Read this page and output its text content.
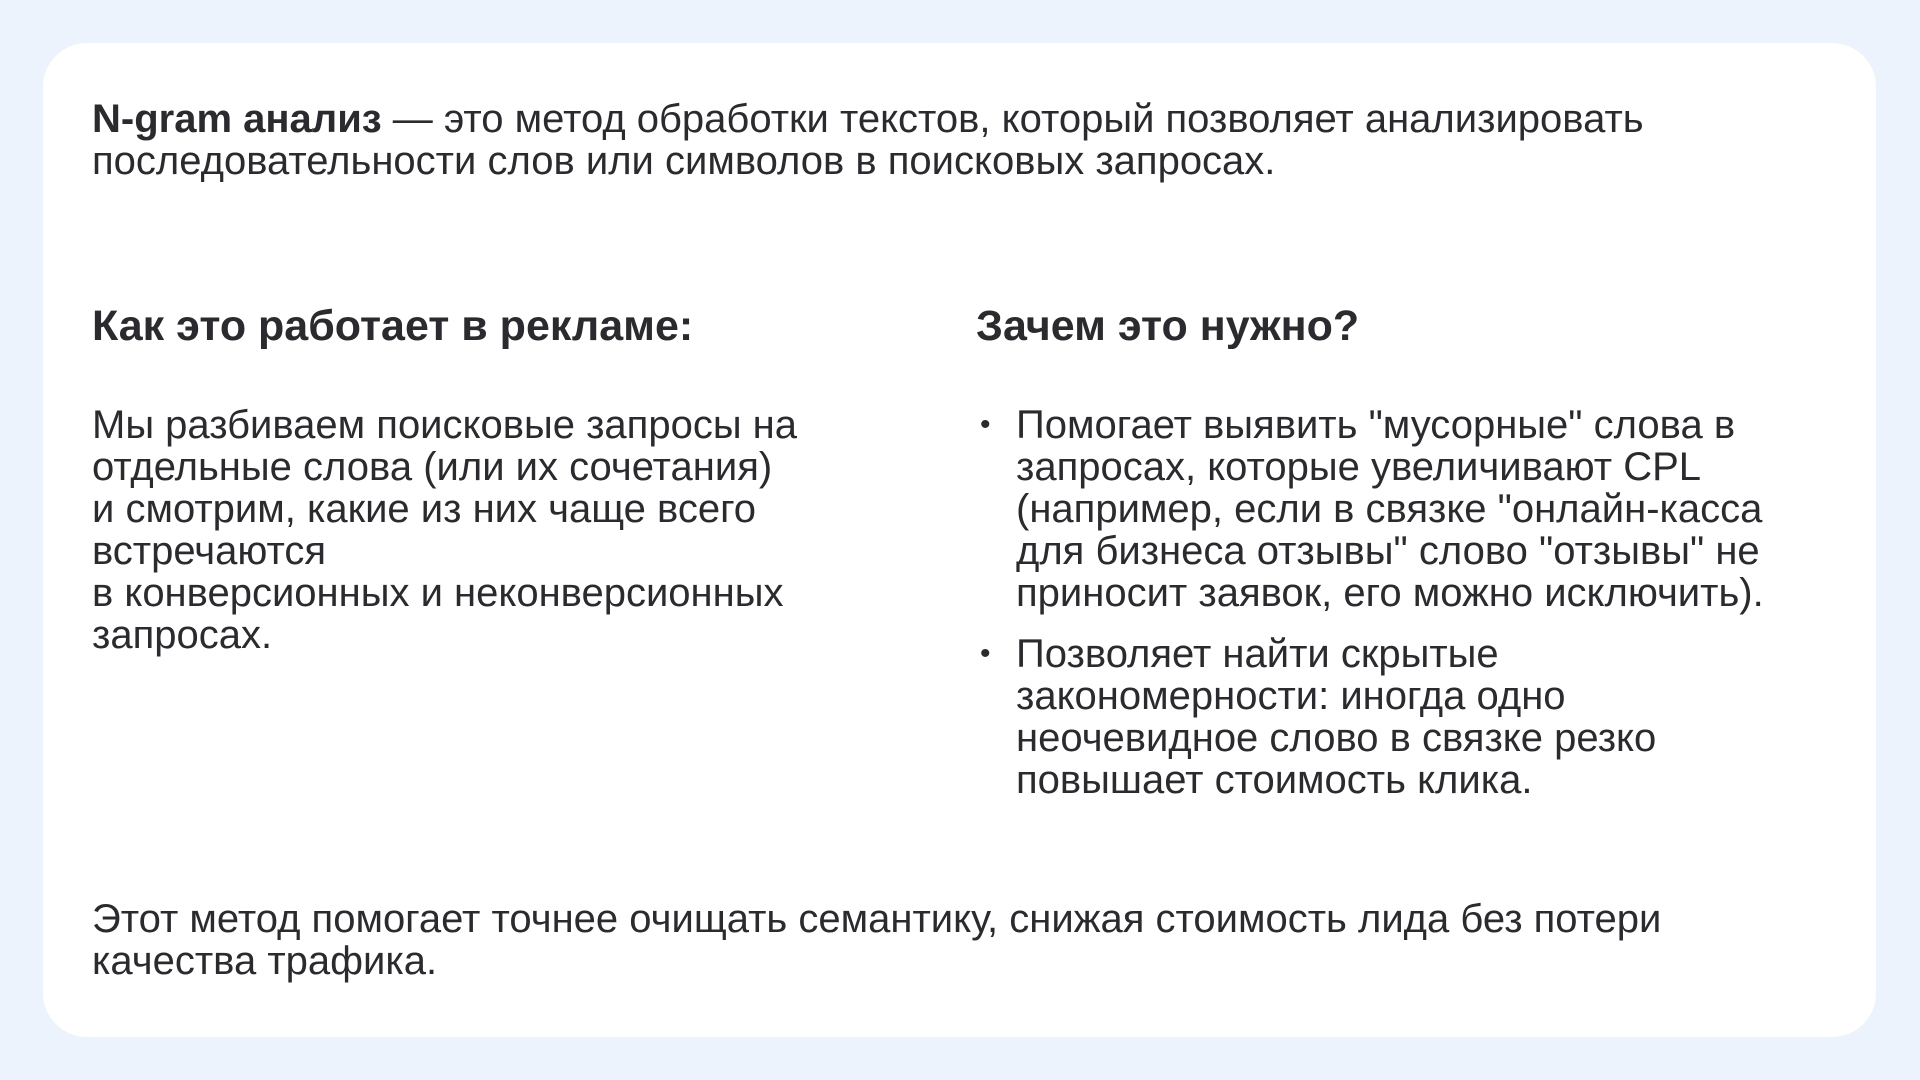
N-gram анализ — это метод обработки текстов, который позволяет анализировать
последовательности слов или символов в поисковых запросах.

Как это работает в рекламе:	Зачем это нужно?

Мы разбиваем поисковые запросы на
отдельные слова (или их сочетания)
и смотрим, какие из них чаще всего
встречаются
в конверсионных и неконверсионных
запросах.

• Помогает выявить "мусорные" слова в
запросах, которые увеличивают CPL
(например, если в связке "онлайн-касса
для бизнеса отзывы" слово "отзывы" не
приносит заявок, его можно исключить).
• Позволяет найти скрытые
закономерности: иногда одно
неочевидное слово в связке резко
повышает стоимость клика.

Этот метод помогает точнее очищать семантику, снижая стоимость лида без потери
качества трафика.
